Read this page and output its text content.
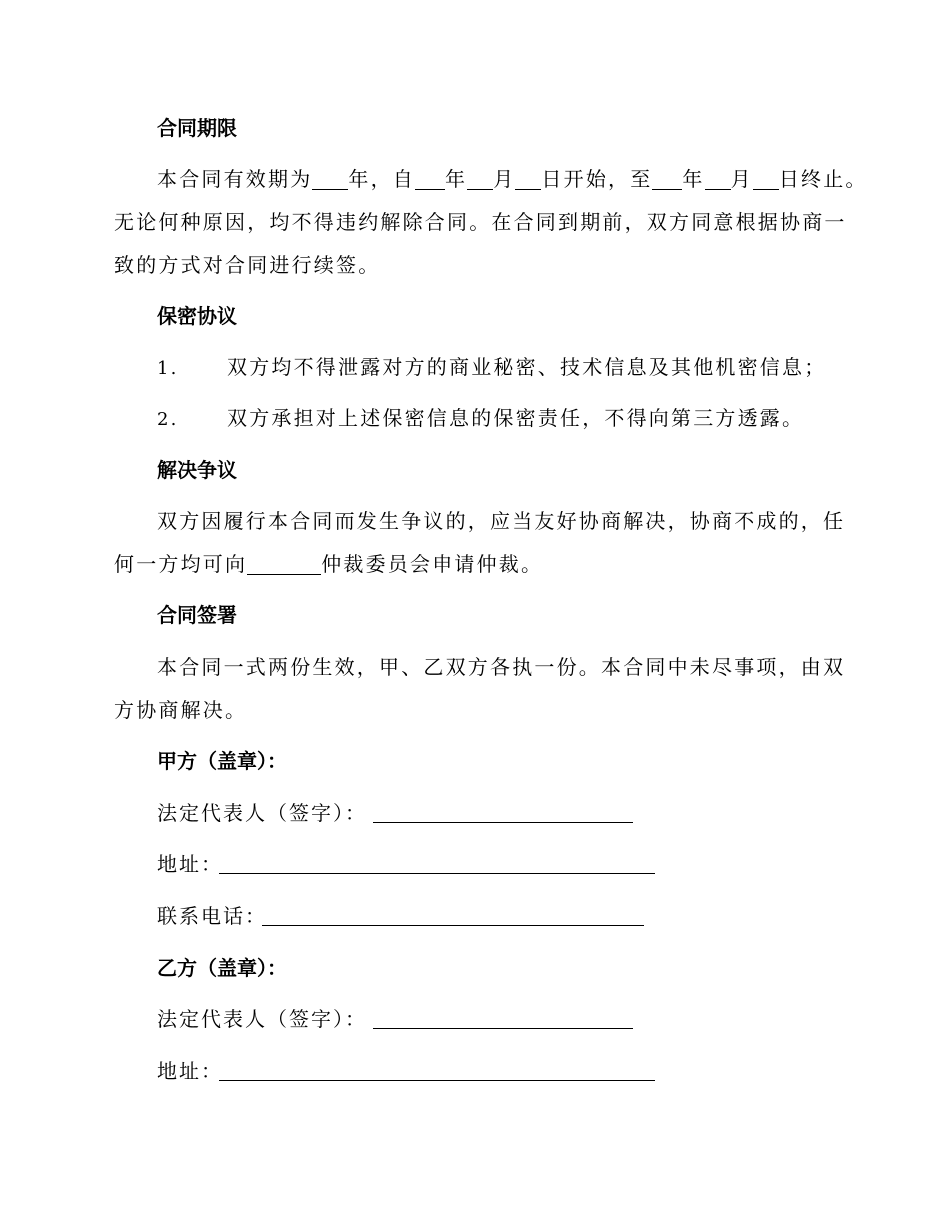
合同期限
本合同有效期为 年，自 年 月 日开始，至 年 月 日终止。
无论何种原因，均不得违约解除合同。在合同到期前，双方同意根据协商一
致的方式对合同进行续签。
保密协议
1. 双方均不得泄露对方的商业秘密、技术信息及其他机密信息；
2. 双方承担对上述保密信息的保密责任，不得向第三方透露。
解决争议
双方因履行本合同而发生争议的，应当友好协商解决，协商不成的，任
何一方均可向	仲裁委员会申请仲裁。
合同签署
本合同一式两份生效，甲、乙双方各执一份。本合同中未尽事项，由双
方协商解决。
甲方（盖章）：
法定代表人（签字）：
地址：
联系电话：
乙方（盖章）：
法定代表人（签字）：
地址：
